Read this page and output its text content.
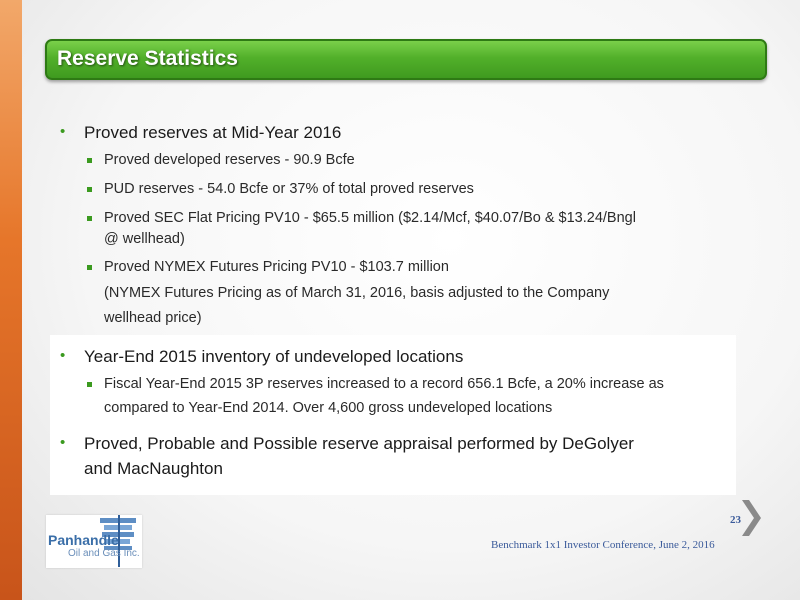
Reserve Statistics
• Proved reserves at Mid-Year 2016
Proved developed reserves - 90.9 Bcfe
PUD reserves - 54.0 Bcfe or 37% of total proved reserves
Proved SEC Flat Pricing PV10 - $65.5 million ($2.14/Mcf, $40.07/Bo & $13.24/Bngl
@ wellhead)
Proved NYMEX Futures Pricing PV10 - $103.7 million
(NYMEX Futures Pricing as of March 31, 2016, basis adjusted to the Company
wellhead price)
• Year-End 2015 inventory of undeveloped locations
Fiscal Year-End 2015 3P reserves increased to a record 656.1 Bcfe, a 20% increase as
compared to Year-End 2014. Over 4,600 gross undeveloped locations
• Proved, Probable and Possible reserve appraisal performed by DeGolyer
and MacNaughton
Panhandle
Oil and Gas Inc.
Benchmark 1x1 Investor Conference, June 2, 2016
23
